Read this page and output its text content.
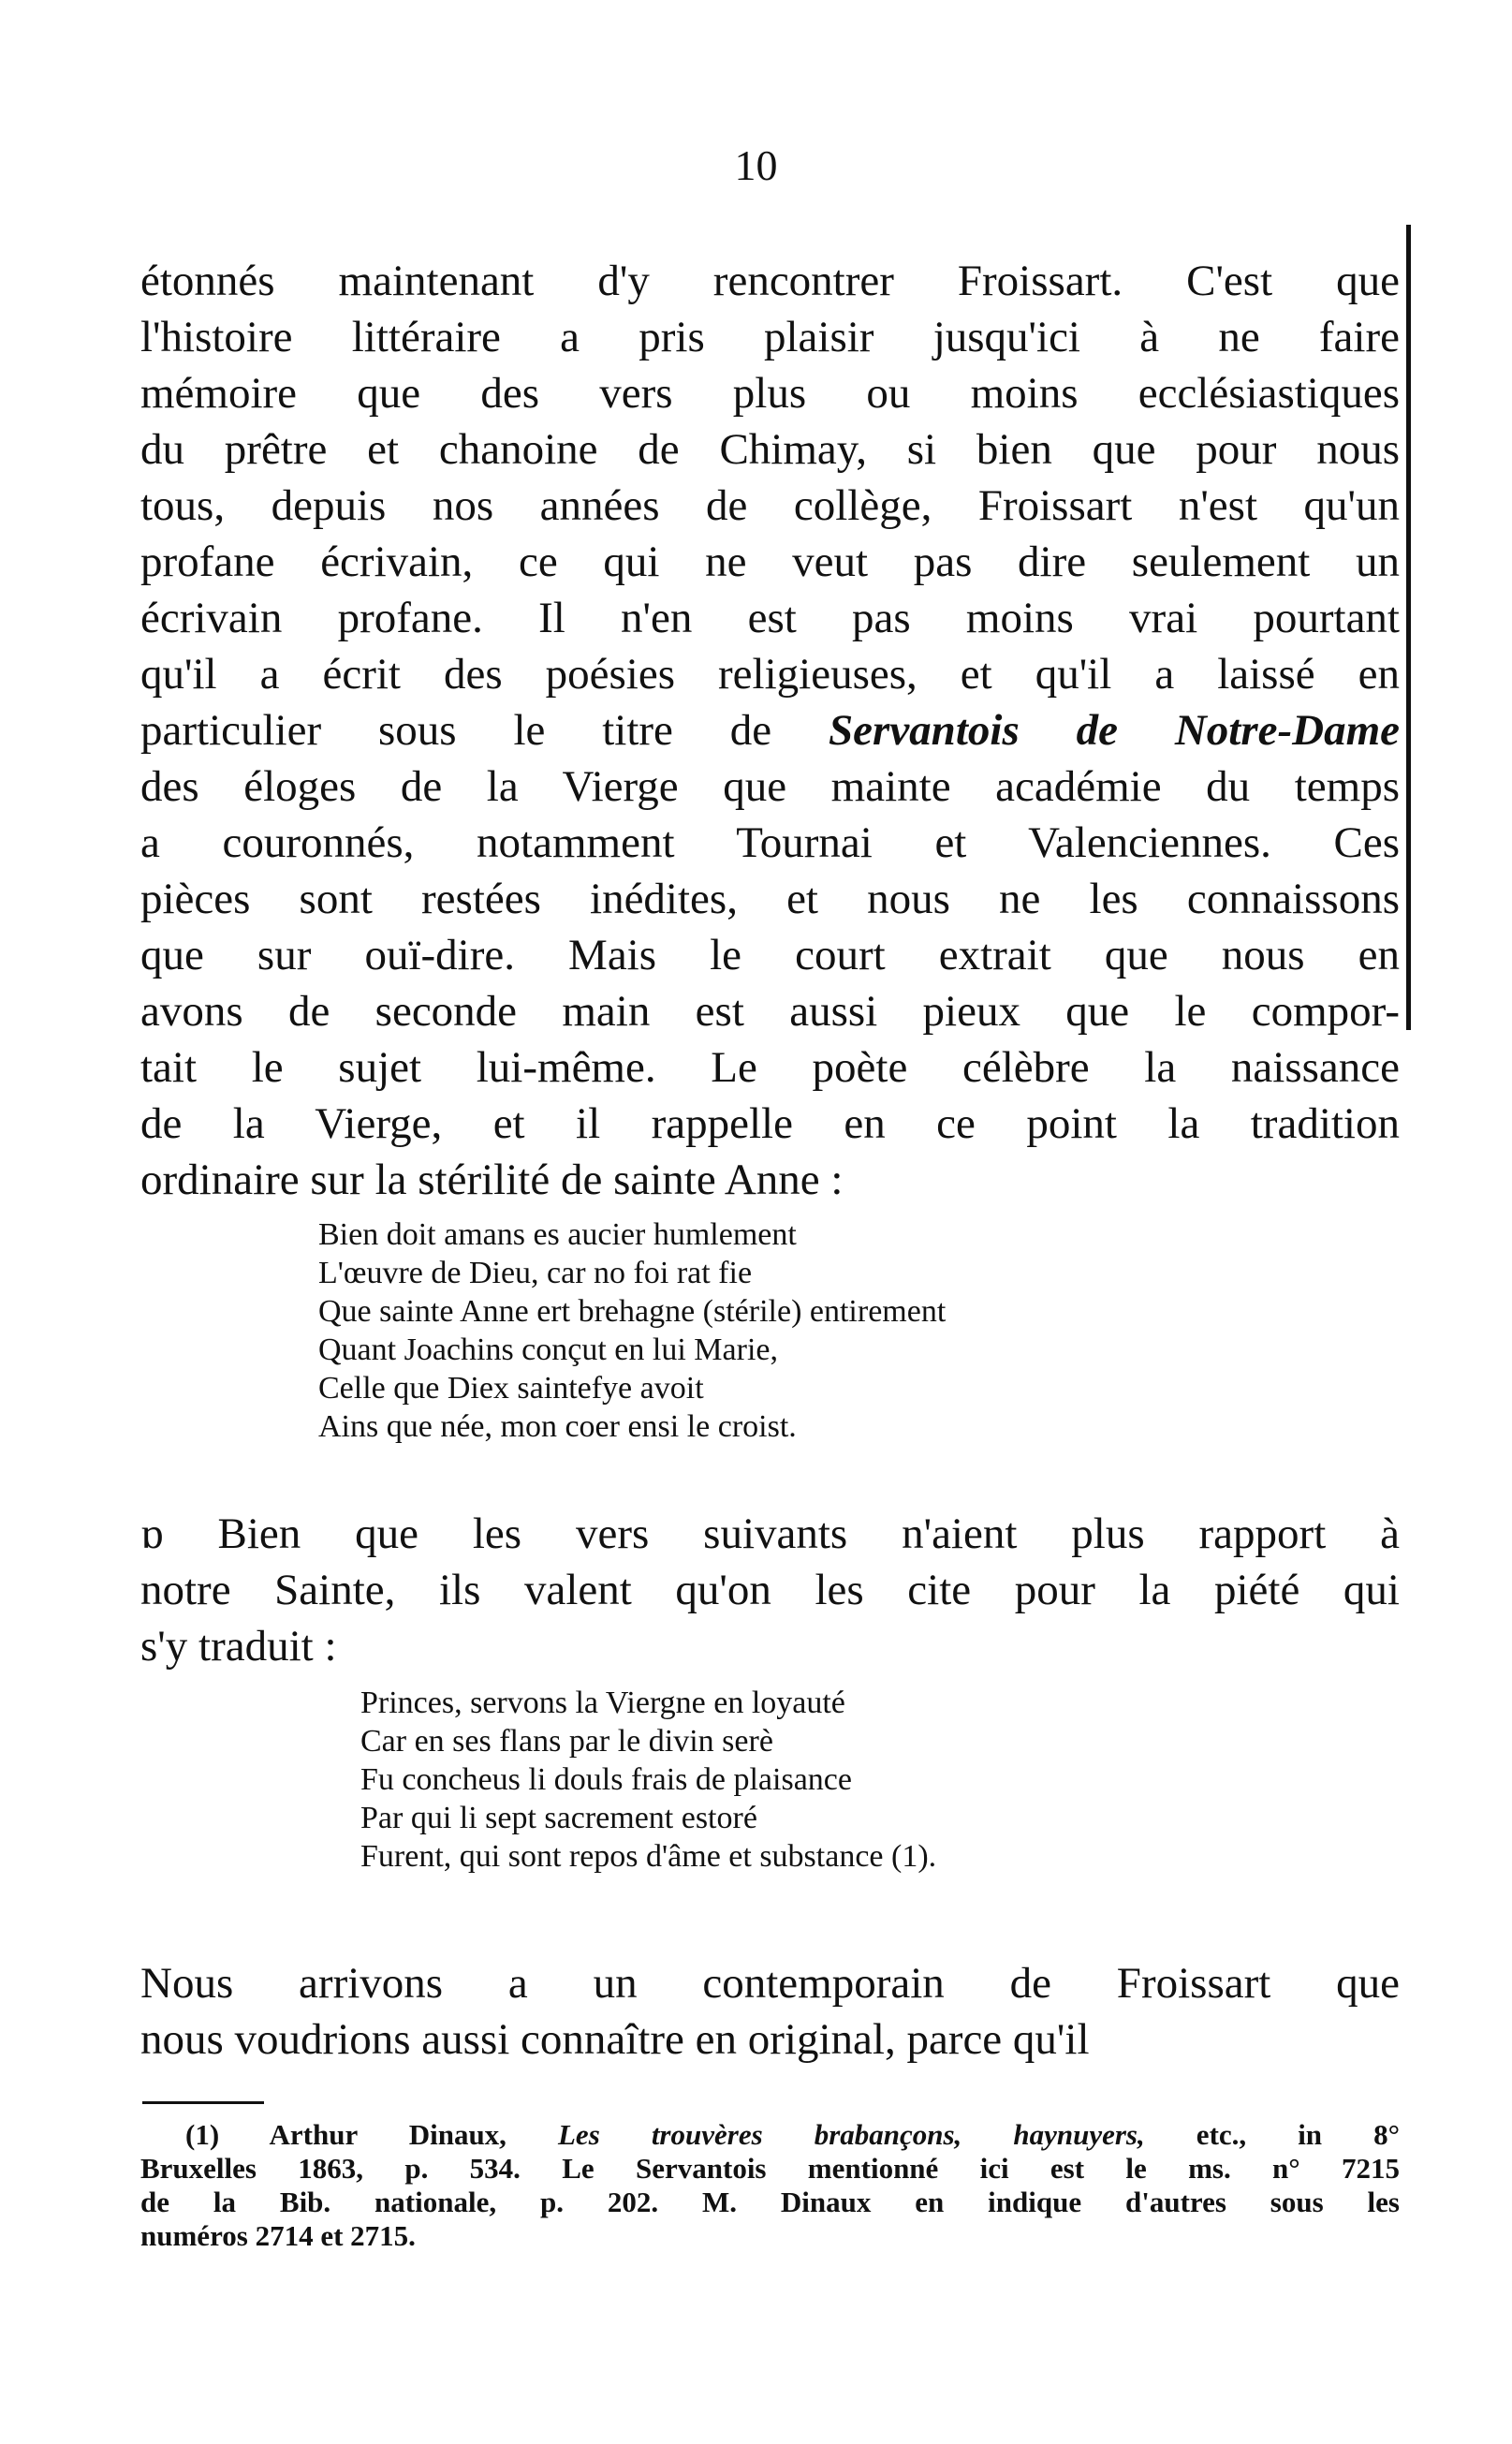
10
étonnés maintenant d'y rencontrer Froissart. C'est que
l'histoire littéraire a pris plaisir jusqu'ici à ne faire
mémoire que des vers plus ou moins ecclésiastiques
du prêtre et chanoine de Chimay, si bien que pour nous
tous, depuis nos années de collège, Froissart n'est qu'un
profane écrivain, ce qui ne veut pas dire seulement un
écrivain profane. Il n'en est pas moins vrai pourtant
qu'il a écrit des poésies religieuses, et qu'il a laissé en
particulier sous le titre de Servantois de Notre-Dame
des éloges de la Vierge que mainte académie du temps
a couronnés, notamment Tournai et Valenciennes. Ces
pièces sont restées inédites, et nous ne les connaissons
que sur ouï-dire. Mais le court extrait que nous en
avons de seconde main est aussi pieux que le compor-
tait le sujet lui-même. Le poète célèbre la naissance
de la Vierge, et il rappelle en ce point la tradition
ordinaire sur la stérilité de sainte Anne :
Bien doit amans es aucier humlement
L'œuvre de Dieu, car no foi rat fie
Que sainte Anne ert brehagne (stérile) entirement
Quant Joachins conçut en lui Marie,
Celle que Diex saintefye avoit
Ains que née, mon coer ensi le croist.
ɒ Bien que les vers suivants n'aient plus rapport à
notre Sainte, ils valent qu'on les cite pour la piété qui
s'y traduit :
Princes, servons la Viergne en loyauté
Car en ses flans par le divin serè
Fu concheus li douls frais de plaisance
Par qui li sept sacrement estoré
Furent, qui sont repos d'âme et substance (1).
Nous arrivons a un contemporain de Froissart que
nous voudrions aussi connaître en original, parce qu'il
(1) Arthur Dinaux, Les trouvères brabançons, haynuyers, etc., in 8°
Bruxelles 1863, p. 534. Le Servantois mentionné ici est le ms. n° 7215
de la Bib. nationale, p. 202. M. Dinaux en indique d'autres sous les
numéros 2714 et 2715.
